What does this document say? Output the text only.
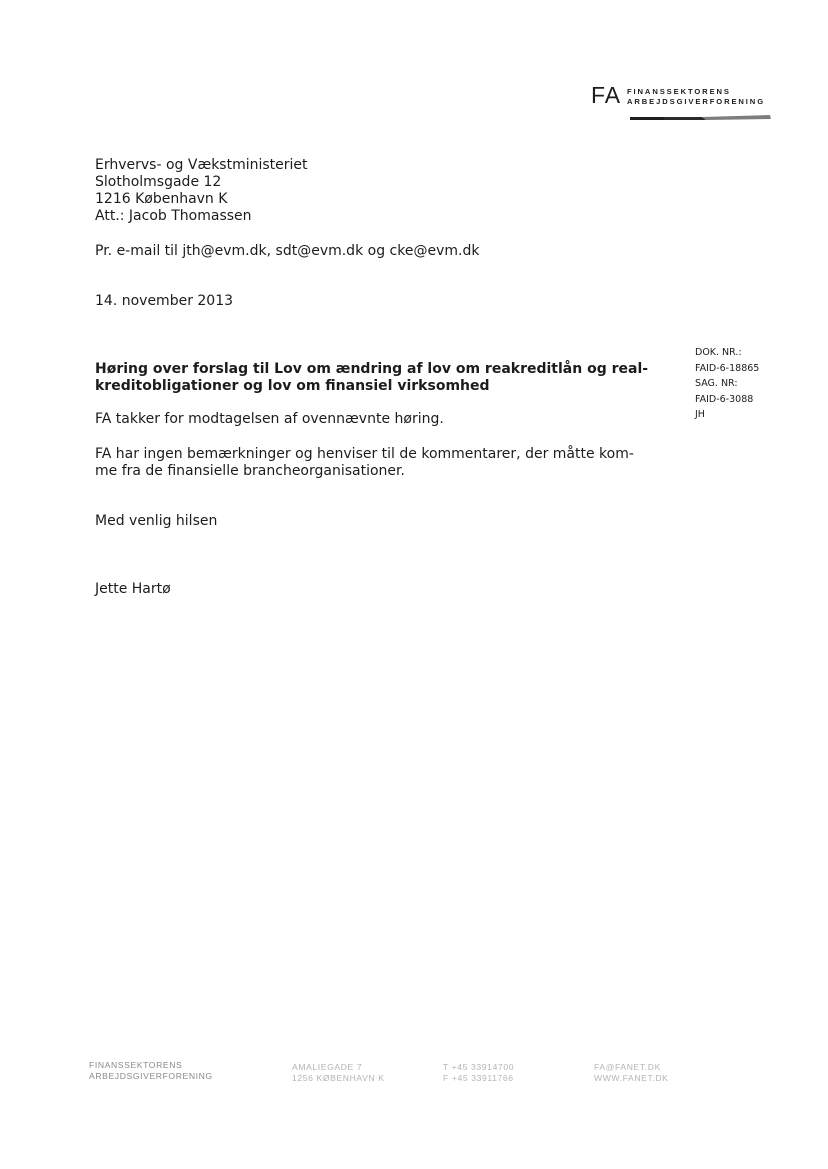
FA FINANSSEKTORENS
ARBEJDSGIVERFORENING
Erhvervs- og Vækstministeriet
Slotholmsgade 12
1216 København K
Att.: Jacob Thomassen
Pr. e-mail til jth@evm.dk, sdt@evm.dk og cke@evm.dk
14. november 2013
DOK. NR.:
FAID-6-18865
SAG. NR:
FAID-6-3088
JH
Høring over forslag til Lov om ændring af lov om reakreditlån og real-
kreditobligationer og lov om finansiel virksomhed
FA takker for modtagelsen af ovennævnte høring.
FA har ingen bemærkninger og henviser til de kommentarer, der måtte kom-
me fra de finansielle brancheorganisationer.
Med venlig hilsen
Jette Hartø
FINANSSEKTORENS
ARBEJDSGIVERFORENING
AMALIEGADE 7
1256 KØBENHAVN K
T +45 33914700
F +45 33911766
FA@FANET.DK
WWW.FANET.DK
